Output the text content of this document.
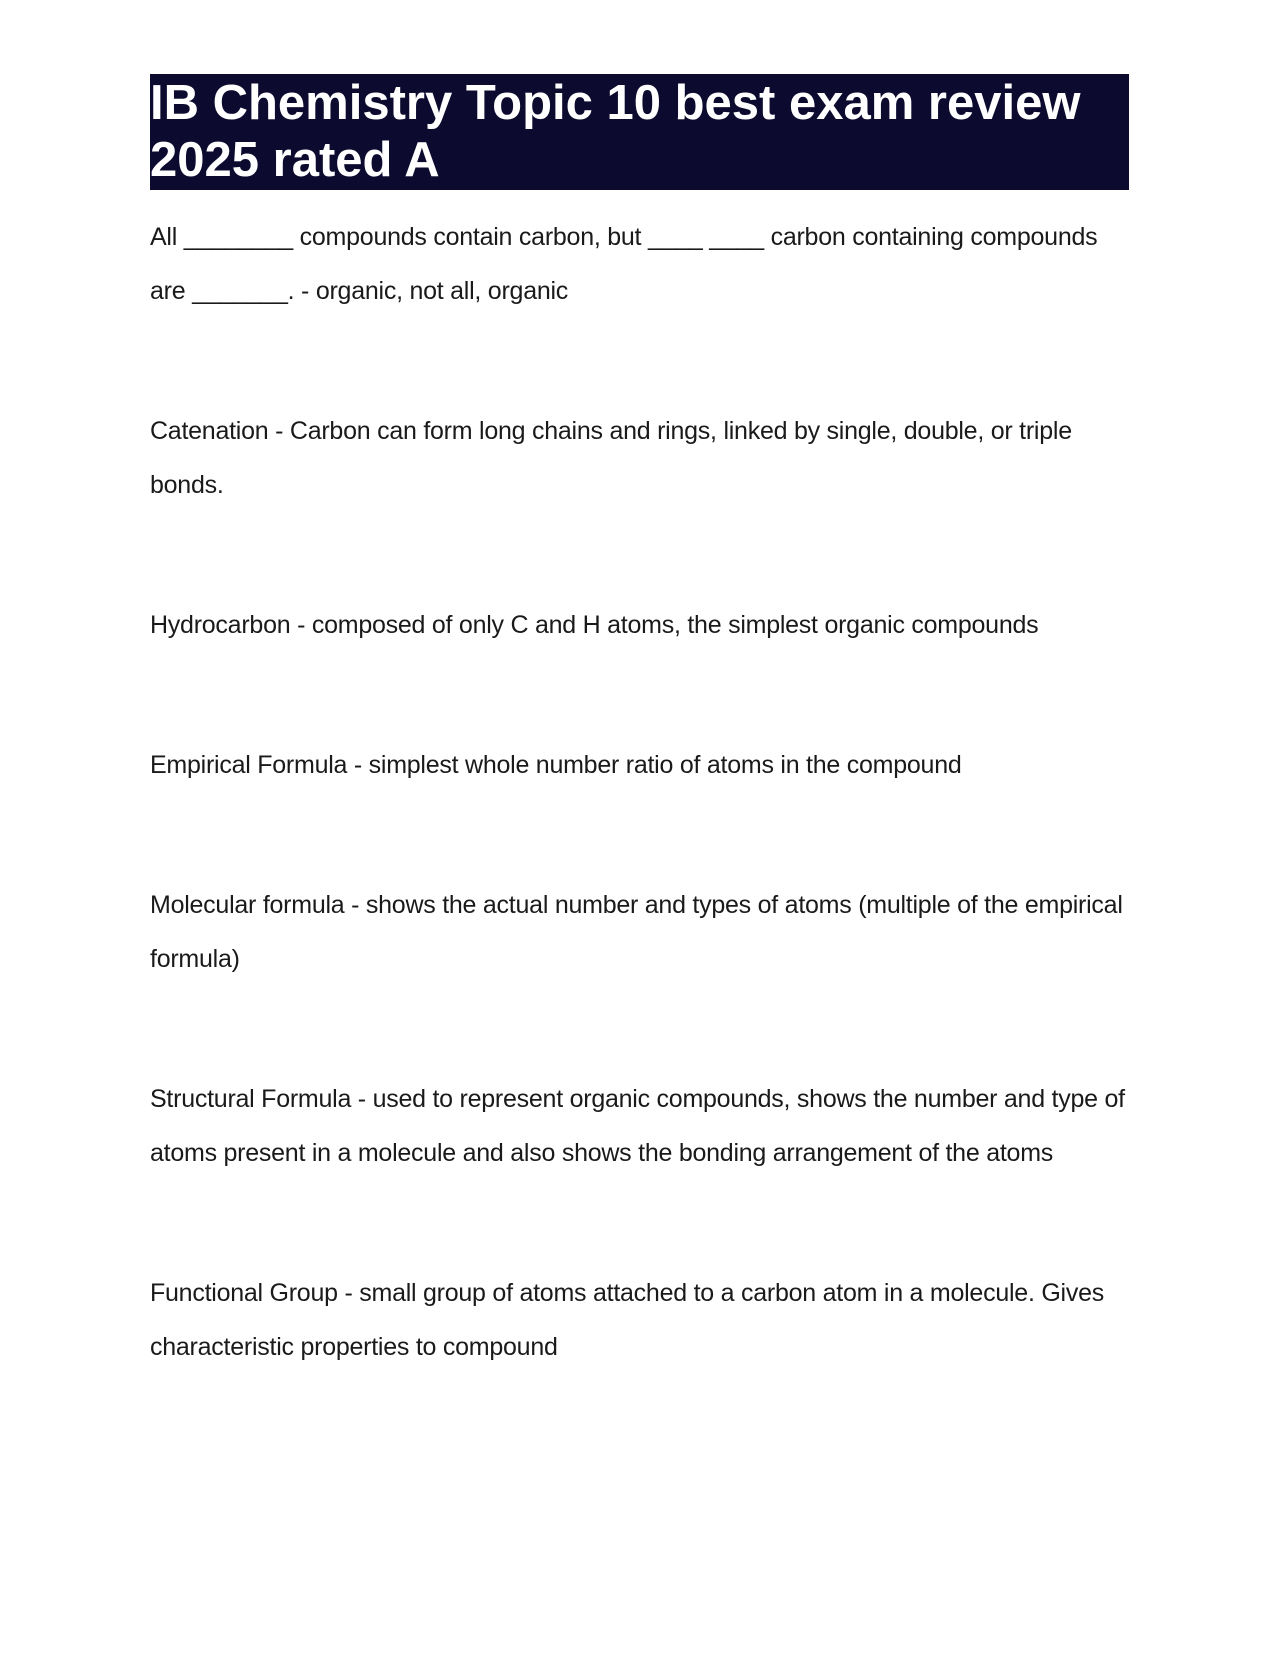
IB Chemistry Topic 10 best exam review 2025 rated A

All ________ compounds contain carbon, but ____ ____ carbon containing compounds are _______. - organic, not all, organic

Catenation - Carbon can form long chains and rings, linked by single, double, or triple bonds.

Hydrocarbon - composed of only C and H atoms, the simplest organic compounds

Empirical Formula - simplest whole number ratio of atoms in the compound

Molecular formula - shows the actual number and types of atoms (multiple of the empirical formula)

Structural Formula - used to represent organic compounds, shows the number and type of atoms present in a molecule and also shows the bonding arrangement of the atoms

Functional Group - small group of atoms attached to a carbon atom in a molecule. Gives characteristic properties to compound
